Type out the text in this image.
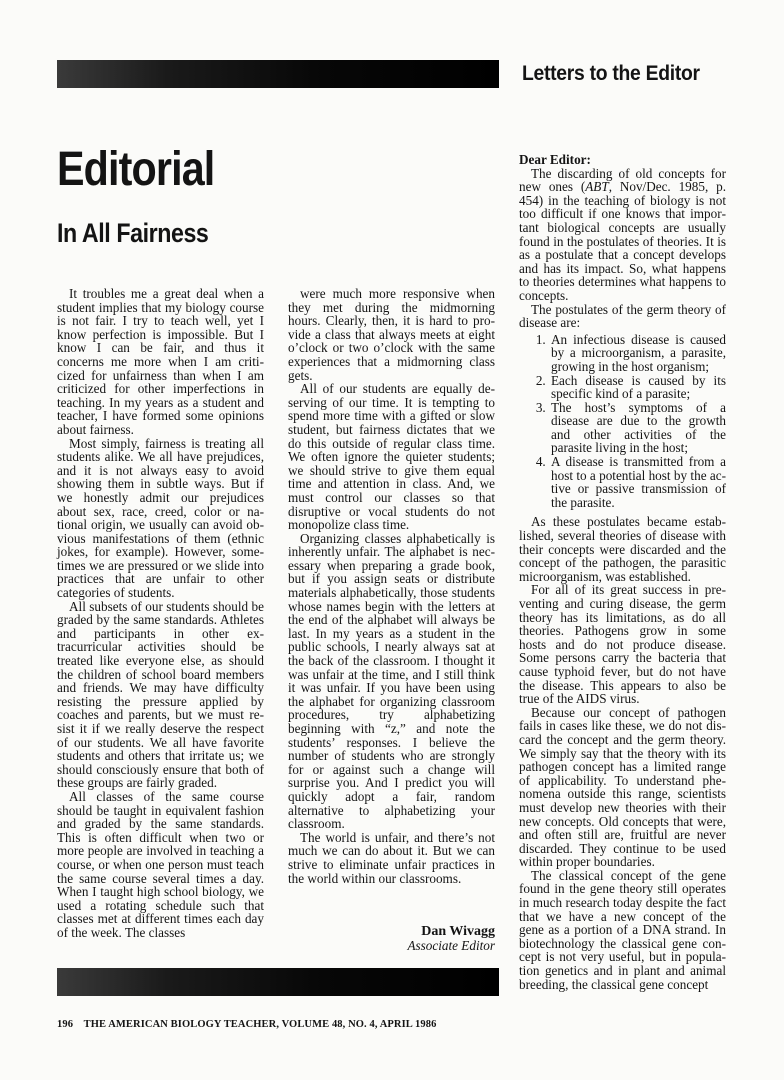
Letters to the Editor
Editorial
In All Fairness

It troubles me a great deal when a student implies that my biology course is not fair. I try to teach well, yet I know perfection is impossible. But I know I can be fair, and thus it concerns me more when I am criticized for unfairness than when I am criticized for other imperfections in teaching. In my years as a student and teacher, I have formed some opinions about fairness.

Most simply, fairness is treating all students alike. We all have prejudices, and it is not always easy to avoid showing them in subtle ways. But if we honestly admit our prejudices about sex, race, creed, color or national origin, we usually can avoid obvious manifestations of them (ethnic jokes, for example). However, sometimes we are pressured or we slide into practices that are unfair to other categories of students.

All subsets of our students should be graded by the same standards. Athletes and participants in other extracurricular activities should be treated like everyone else, as should the children of school board members and friends. We may have difficulty resisting the pressure applied by coaches and parents, but we must resist it if we really deserve the respect of our students. We all have favorite students and others that irritate us; we should consciously ensure that both of these groups are fairly graded.

All classes of the same course should be taught in equivalent fashion and graded by the same standards. This is often difficult when two or more people are involved in teaching a course, or when one person must teach the same course several times a day. When I taught high school biology, we used a rotating schedule such that classes met at different times each day of the week. The classes

were much more responsive when they met during the midmorning hours. Clearly, then, it is hard to provide a class that always meets at eight o’clock or two o’clock with the same experiences that a midmorning class gets.

All of our students are equally deserving of our time. It is tempting to spend more time with a gifted or slow student, but fairness dictates that we do this outside of regular class time. We often ignore the quieter students; we should strive to give them equal time and attention in class. And, we must control our classes so that disruptive or vocal students do not monopolize class time.

Organizing classes alphabetically is inherently unfair. The alphabet is necessary when preparing a grade book, but if you assign seats or distribute materials alphabetically, those students whose names begin with the letters at the end of the alphabet will always be last. In my years as a student in the public schools, I nearly always sat at the back of the classroom. I thought it was unfair at the time, and I still think it was unfair. If you have been using the alphabet for organizing classroom procedures, try alphabetizing beginning with “z,” and note the students’ responses. I believe the number of students who are strongly for or against such a change will surprise you. And I predict you will quickly adopt a fair, random alternative to alphabetizing your classroom.

The world is unfair, and there’s not much we can do about it. But we can strive to eliminate unfair practices in the world within our classrooms.

Dan Wivagg
Associate Editor

Dear Editor:

The discarding of old concepts for new ones (ABT, Nov/Dec. 1985, p. 454) in the teaching of biology is not too difficult if one knows that important biological concepts are usually found in the postulates of theories. It is as a postulate that a concept develops and has its impact. So, what happens to theories determines what happens to concepts.

The postulates of the germ theory of disease are:

1. An infectious disease is caused by a microorganism, a parasite, growing in the host organism;
2. Each disease is caused by its specific kind of a parasite;
3. The host’s symptoms of a disease are due to the growth and other activities of the parasite living in the host;
4. A disease is transmitted from a host to a potential host by the active or passive transmission of the parasite.

As these postulates became established, several theories of disease with their concepts were discarded and the concept of the pathogen, the parasitic microorganism, was established.

For all of its great success in preventing and curing disease, the germ theory has its limitations, as do all theories. Pathogens grow in some hosts and do not produce disease. Some persons carry the bacteria that cause typhoid fever, but do not have the disease. This appears to also be true of the AIDS virus.

Because our concept of pathogen fails in cases like these, we do not discard the concept and the germ theory. We simply say that the theory with its pathogen concept has a limited range of applicability. To understand phenomena outside this range, scientists must develop new theories with their new concepts. Old concepts that were, and often still are, fruitful are never discarded. They continue to be used within proper boundaries.

The classical concept of the gene found in the gene theory still operates in much research today despite the fact that we have a new concept of the gene as a portion of a DNA strand. In biotechnology the classical gene concept is not very useful, but in population genetics and in plant and animal breeding, the classical gene concept

196 THE AMERICAN BIOLOGY TEACHER, VOLUME 48, NO. 4, APRIL 1986
